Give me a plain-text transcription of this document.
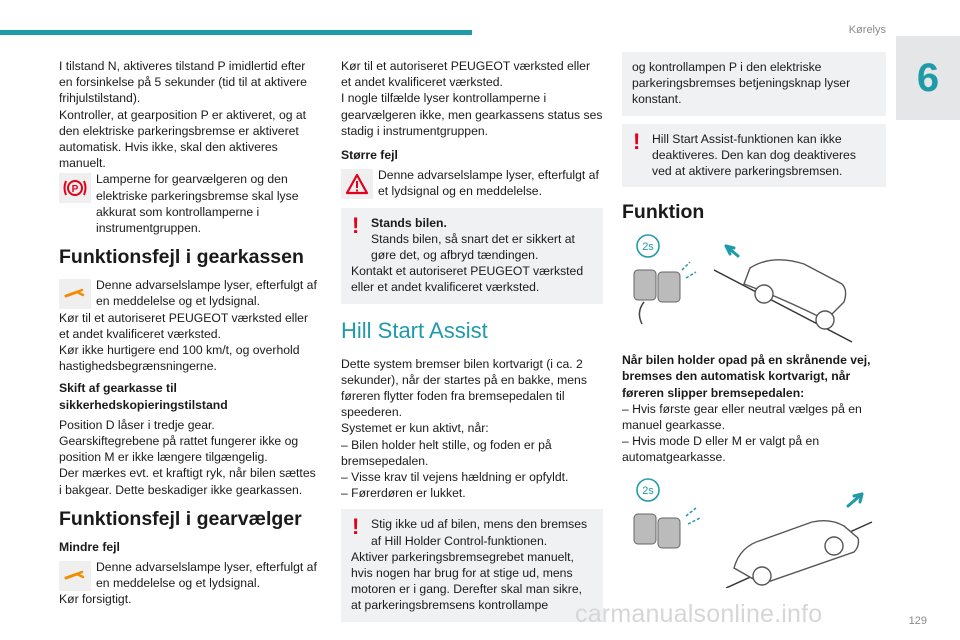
Kørelys
6

I tilstand N, aktiveres tilstand P imidlertid efter en forsinkelse på 5 sekunder (tid til at aktivere frihjulstilstand).

Kontroller, at gearposition P er aktiveret, og at den elektriske parkeringsbremse er aktiveret automatisk. Hvis ikke, skal den aktiveres manuelt.

P

Lamperne for gearvælgeren og den elektriske parkeringsbremse skal lyse akkurat som kontrollamperne i instrumentgruppen.

Funktionsfejl i gearkassen

Denne advarselslampe lyser, efterfulgt af en meddelelse og et lydsignal.

Kør til et autoriseret PEUGEOT værksted eller et andet kvalificeret værksted.

Kør ikke hurtigere end 100 km/t, og overhold hastighedsbegrænsningerne.

Skift af gearkasse til sikkerhedskopieringstilstand

Position D låser i tredje gear.

Gearskiftegrebene på rattet fungerer ikke og position M er ikke længere tilgængelig.

Der mærkes evt. et kraftigt ryk, når bilen sættes i bakgear. Dette beskadiger ikke gearkassen.

Funktionsfejl i gearvælger
Mindre fejl

Denne advarselslampe lyser, efterfulgt af en meddelelse og et lydsignal.

Kør forsigtigt.

Kør til et autoriseret PEUGEOT værksted eller et andet kvalificeret værksted.

I nogle tilfælde lyser kontrollamperne i gearvælgeren ikke, men gearkassens status ses stadig i instrumentgruppen.

Større fejl

Denne advarselslampe lyser, efterfulgt af et lydsignal og en meddelelse.

! Stands bilen.

Stands bilen, så snart det er sikkert at gøre det, og afbryd tændingen.

Kontakt et autoriseret PEUGEOT værksted eller et andet kvalificeret værksted.

Hill Start Assist

Dette system bremser bilen kortvarigt (i ca. 2 sekunder), når der startes på en bakke, mens føreren flytter foden fra bremsepedalen til speederen.

Systemet er kun aktivt, når:

– Bilen holder helt stille, og foden er på bremsepedalen.

– Visse krav til vejens hældning er opfyldt.

– Førerdøren er lukket.

! Stig ikke ud af bilen, mens den bremses af Hill Holder Control-funktionen.

Aktiver parkeringsbremsegrebet manuelt, hvis nogen har brug for at stige ud, mens motoren er i gang. Derefter skal man sikre, at parkeringsbremsens kontrollampe

og kontrollampen P i den elektriske parkeringsbremses betjeningsknap lyser konstant.

! Hill Start Assist-funktionen kan ikke deaktiveres. Den kan dog deaktiveres ved at aktivere parkeringsbremsen.

Funktion
2s

Når bilen holder opad på en skrånende vej, bremses den automatisk kortvarigt, når føreren slipper bremsepedalen:

– Hvis første gear eller neutral vælges på en manuel gearkasse.

– Hvis mode D eller M er valgt på en automatgearkasse.

2s
carmanualsonline.info	129
